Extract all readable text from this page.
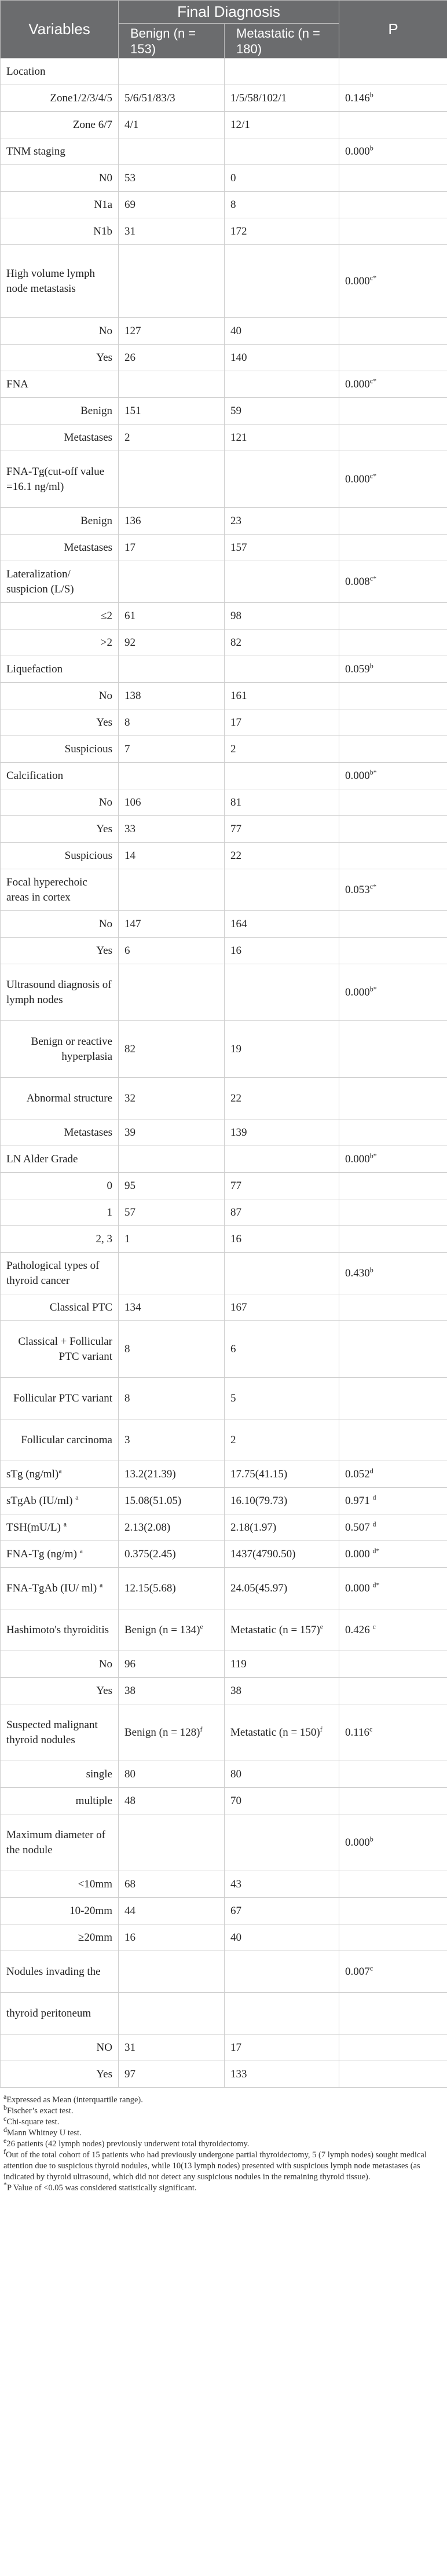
Variables	Final Diagnosis		P
	Benign (n = 153)	Metastatic (n = 180)	
Location			
Zone1/2/3/4/5	5/6/51/83/3	1/5/58/102/1	0.146$^b$
Zone 6/7	4/1	12/1	
TNM staging			0.000$^b$
N0	53	0	
N1a	69	8	
N1b	31	172	
High volume lymph node metastasis			$0.000^{c*}$
No	127	40	
Yes	26	140	
FNA			$0.000^{c*}$
Benign	151	59	
Metastases	2	121	
FNA-Tg(cut-off value =16.1 ng/ml)			$0.000^{c*}$
Benign	136	23	
Metastases	17	157	
Lateralization/ suspicion (L/S)			$0.008^{c*}$
≤2	61	98	
>2	92	82	
Liquefaction			0.059$^b$
No	138	161	
Yes	8	17	
Suspicious	7	2	
Calcification			$0.000^{b*}$
No	106	81	
Yes	33	77	
Suspicious	14	22	
Focal hyperechoic areas in cortex			$0.053^{c*}$
No	147	164	
Yes	6	16	
Ultrasound diagnosis of lymph nodes			$0.000^{b*}$
Benign or reactive hyperplasia	82	19	
Abnormal structure	32	22	
Metastases	39	139	
LN Alder Grade			$0.000^{b*}$
0	95	77	
1	57	87	
2, 3	1	16	
Pathological types of thyroid cancer			0.430$^b$
Classical PTC	134	167	
Classical + Follicular PTC variant	8	6	
Follicular PTC variant	8	5	
Follicular carcinoma	3	2	
sTg $(ng/ml)^a$	13.2(21.39)	17.75(41.15)	0.052$^d$
sTgAb (IU/ml) $^a$	15.08(51.05)	16.10(79.73)	0.971 $^d$
TSH(mU/L) $^a$	2.13(2.08)	2.18(1.97)	0.507 $^d$
FNA-Tg (ng/m) $^a$	0.375(2.45)	1437(4790.50)	0.000 $^{d*}$
FNA-TgAb (IU/ ml) $^a$	12.15(5.68)	24.05(45.97)	0.000 $^{d*}$
Hashimoto's thyroiditis	Benign (n = 134)$^e$	Metastatic (n = 157)$^e$	0.426 $^c$
No	96	119	
Yes	38	38	
Suspected malignant thyroid nodules	Benign (n = 128)$^f$	Metastatic (n = 150)$^f$	0.116$^c$
single	80	80	
multiple	48	70	
Maximum diameter of the nodule			0.000$^b$
<10mm	68	43	
10-20mm	44	67	
≥20mm	16	40	
Nodules invading the			0.007$^c$
thyroid peritoneum			
NO	31	17	
Yes	97	133	

$^a$Expressed as Mean (interquartile range).

$^b$Fischer’s exact test.

$^c$Chi-square test.

$^d$Mann Whitney U test.

$^e$26 patients (42 lymph nodes) previously underwent total thyroidectomy.

$^f$Out of the total cohort of 15 patients who had previously undergone partial thyroidectomy, 5 (7 lymph nodes) sought medical attention due to suspicious thyroid nodules, while 10(13 lymph nodes) presented with suspicious lymph node metastases (as indicated by thyroid ultrasound, which did not detect any suspicious nodules in the remaining thyroid tissue).

*P Value of <0.05 was considered statistically significant.
